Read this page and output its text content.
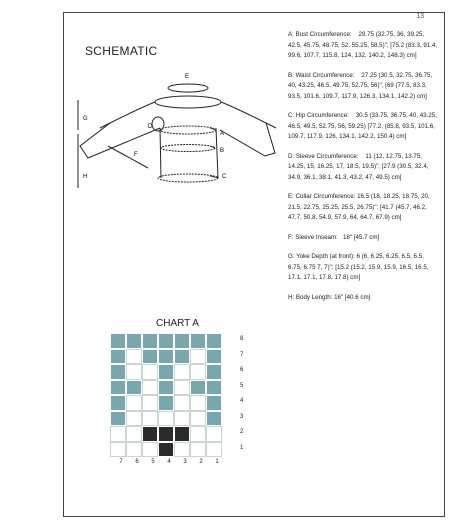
13
SCHEMATIC
E
D
A
B
C
F
G
H
CHART A
8
7
6
5
4
3
2
1
7	6	5	4	3	2	1
A: Bust Circumference:    29.75 (32.75, 36, 39.25, 42.5, 45.75, 48.75, 52, 55.25, 58.5)"; [75.2 (83.3, 91.4, 99.6, 107.7, 115.8, 124, 132, 140.2, 148.3) cm]
B: Waist Circumference:    27.25 (30.5, 32.75, 36.75, 40, 43.25, 46.5, 49.75, 52.75, 56)"; [69 (77.5, 83.3, 93.5, 101.6, 109.7, 117.9, 126.3, 134.1, 142.2) cm]
C: Hip Circumference:    30.5 (33.75, 36.75, 40, 43.25, 46.5, 49.5, 52.75, 56, 59.25) [77.2, (85.8, 93.5, 101.6, 109.7, 117.9, 126, 134.1, 142.2, 150.4) cm]
D: Sleeve Circumference:    11 (12, 12.75, 13.75, 14.25, 15, 16.25, 17, 18.5, 19.5)"; [27.9 (30.5, 32.4, 34.9, 36.1, 38.1, 41.3, 43.2, 47, 49.5) cm]
E: Collar Circumference: 16.5 (18, 18.25, 18.75, 20, 21.5, 22.75, 25.25, 25.5, 26.75)"; [41.7 (45.7, 46.2, 47.7, 50.8, 54.9, 57.9, 64, 64.7, 67.9) cm]
F: Sleeve Inseam:   18" [45.7 cm]
G: Yoke Depth (at front): 6 (6, 6.25, 6.25, 6.5, 6.5, 6.75, 6.75 7, 7)"; [15.2 (15.2, 15.9, 15.9, 16.5, 16.5, 17.1, 17.1, 17.8, 17.8) cm]
H: Body Length: 16" [40.6 cm]
